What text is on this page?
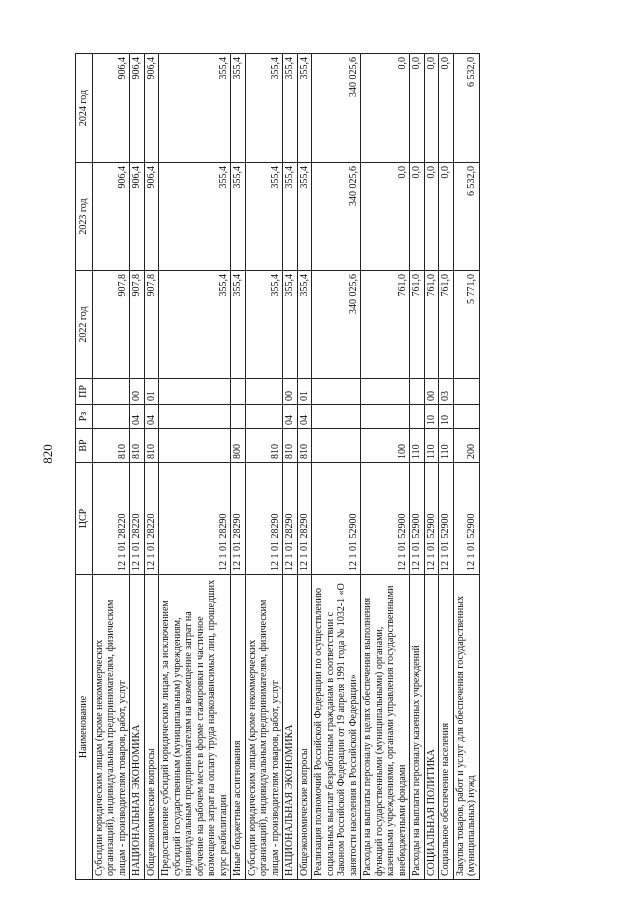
820
Наименование	ЦСР	ВР	Рз	ПР	2022 год	2023 год	2024 год
Субсидии юридическим лицам (кроме некоммерческих организаций), индивидуальным предпринимателям, физическим лицам - производителям товаров, работ, услуг	12 1 01 28220	810			907,8	906,4	906,4
НАЦИОНАЛЬНАЯ ЭКОНОМИКА	12 1 01 28220	810	04	00	907,8	906,4	906,4
Общеэкономические вопросы	12 1 01 28220	810	04	01	907,8	906,4	906,4
Предоставление субсидий юридическим лицам, за исключением субсидий государственным (муниципальным) учреждениям, индивидуальным предпринимателям на возмещение затрат на обучение на рабочем месте в форме стажировки и частичное возмещение затрат на оплату труда наркозависимых лиц, прошедших курс реабилитации	12 1 01 28290				355,4	355,4	355,4
Иные бюджетные ассигнования	12 1 01 28290	800			355,4	355,4	355,4
Субсидии юридическим лицам (кроме некоммерческих организаций), индивидуальным предпринимателям, физическим лицам - производителям товаров, работ, услуг	12 1 01 28290	810			355,4	355,4	355,4
НАЦИОНАЛЬНАЯ ЭКОНОМИКА	12 1 01 28290	810	04	00	355,4	355,4	355,4
Общеэкономические вопросы	12 1 01 28290	810	04	01	355,4	355,4	355,4
Реализация полномочий Российской Федерации по осуществлению социальных выплат безработным гражданам в соответствии с Законом Российской Федерации от 19 апреля 1991 года № 1032-1 «О занятости населения в Российской Федерации»	12 1 01 52900				340 025,6	340 025,6	340 025,6
Расходы на выплаты персоналу в целях обеспечения выполнения функций государственными (муниципальными) органами, казенными учреждениями, органами управления государственными внебюджетными фондами	12 1 01 52900	100			761,0	0,0	0,0
Расходы на выплаты персоналу казенных учреждений	12 1 01 52900	110			761,0	0,0	0,0
СОЦИАЛЬНАЯ ПОЛИТИКА	12 1 01 52900	110	10	00	761,0	0,0	0,0
Социальное обеспечение населения	12 1 01 52900	110	10	03	761,0	0,0	0,0
Закупка товаров, работ и услуг для обеспечения государственных (муниципальных) нужд	12 1 01 52900	200			5 771,0	6 532,0	6 532,0
